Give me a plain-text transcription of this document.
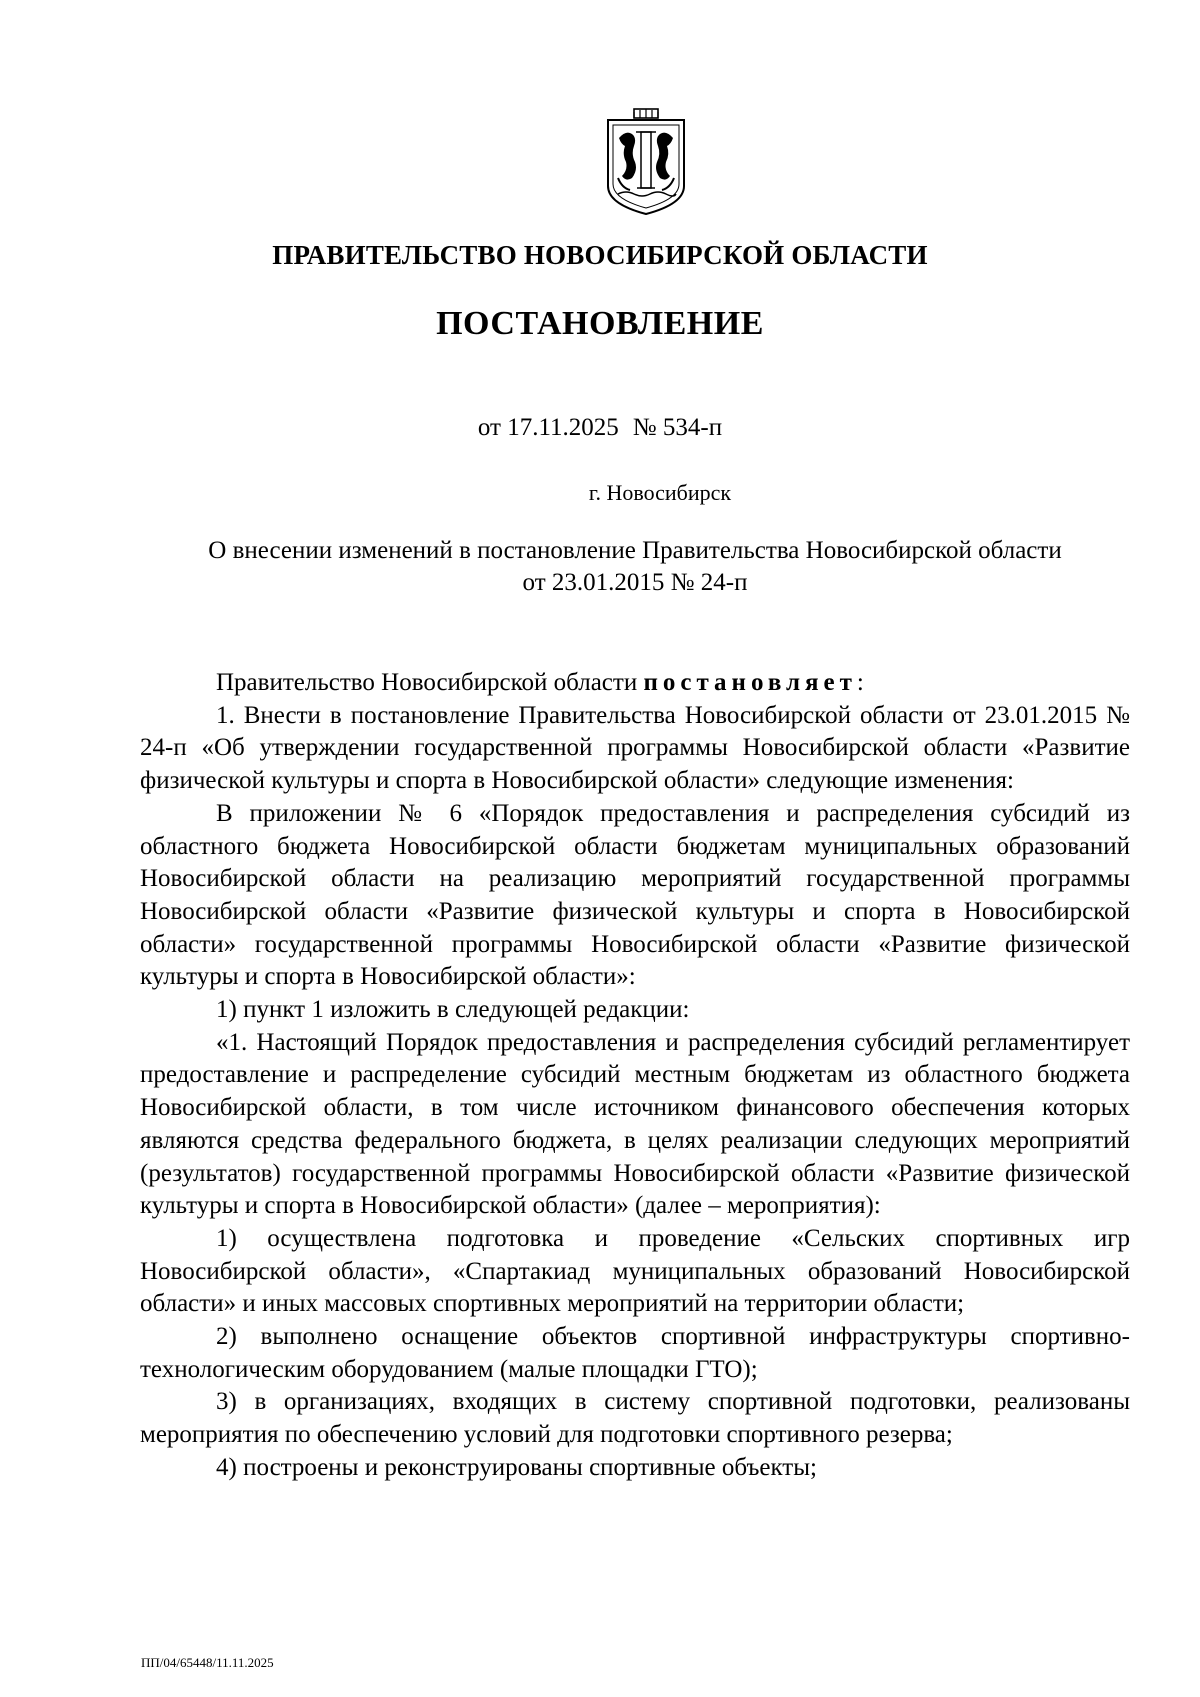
ПРАВИТЕЛЬСТВО НОВОСИБИРСКОЙ ОБЛАСТИ
ПОСТАНОВЛЕНИЕ
от 17.11.2025 № 534-п
г. Новосибирск
О внесении изменений в постановление Правительства Новосибирской области
от 23.01.2015 № 24-п

Правительство Новосибирской области постановляет:

1. Внести в постановление Правительства Новосибирской области от 23.01.2015 № 24-п «Об утверждении государственной программы Новосибирской области «Развитие физической культуры и спорта в Новосибирской области» следующие изменения:

В приложении № 6 «Порядок предоставления и распределения субсидий из областного бюджета Новосибирской области бюджетам муниципальных образований Новосибирской области на реализацию мероприятий государственной программы Новосибирской области «Развитие физической культуры и спорта в Новосибирской области» государственной программы Новосибирской области «Развитие физической культуры и спорта в Новосибирской области»:

1) пункт 1 изложить в следующей редакции:

«1. Настоящий Порядок предоставления и распределения субсидий регламентирует предоставление и распределение субсидий местным бюджетам из областного бюджета Новосибирской области, в том числе источником финансового обеспечения которых являются средства федерального бюджета, в целях реализации следующих мероприятий (результатов) государственной программы Новосибирской области «Развитие физической культуры и спорта в Новосибирской области» (далее – мероприятия):

1) осуществлена подготовка и проведение «Сельских спортивных игр Новосибирской области», «Спартакиад муниципальных образований Новосибирской области» и иных массовых спортивных мероприятий на территории области;

2) выполнено оснащение объектов спортивной инфраструктуры спортивно-технологическим оборудованием (малые площадки ГТО);

3) в организациях, входящих в систему спортивной подготовки, реализованы мероприятия по обеспечению условий для подготовки спортивного резерва;

4) построены и реконструированы спортивные объекты;

ПП/04/65448/11.11.2025
